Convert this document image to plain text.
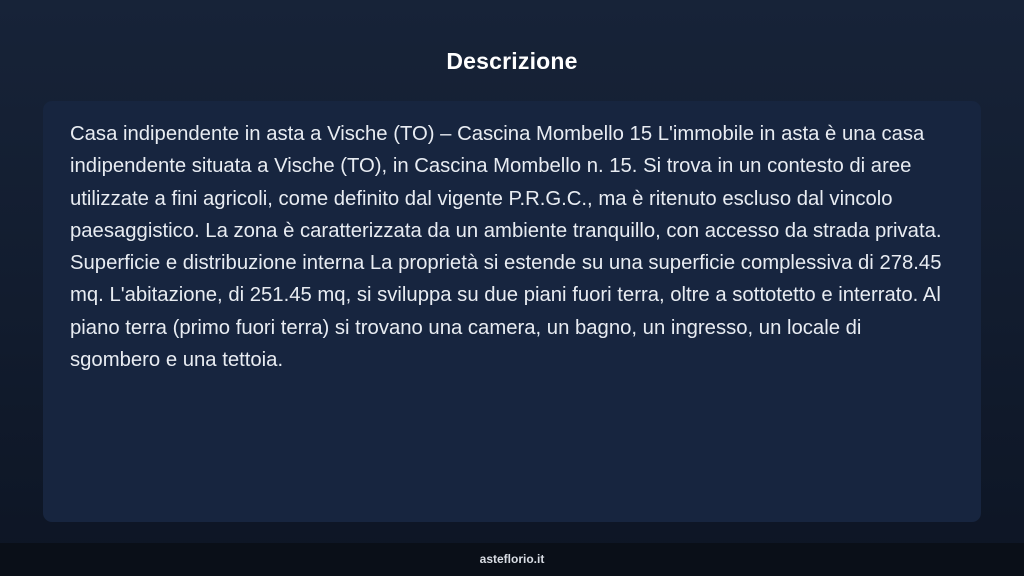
Descrizione

Casa indipendente in asta a Vische (TO) – Cascina Mombello 15 L'immobile in asta è una casa indipendente situata a Vische (TO), in Cascina Mombello n. 15. Si trova in un contesto di aree utilizzate a fini agricoli, come definito dal vigente P.R.G.C., ma è ritenuto escluso dal vincolo paesaggistico. La zona è caratterizzata da un ambiente tranquillo, con accesso da strada privata. Superficie e distribuzione interna La proprietà si estende su una superficie complessiva di 278.45 mq. L'abitazione, di 251.45 mq, si sviluppa su due piani fuori terra, oltre a sottotetto e interrato. Al piano terra (primo fuori terra) si trovano una camera, un bagno, un ingresso, un locale di sgombero e una tettoia.

asteflorio.it
